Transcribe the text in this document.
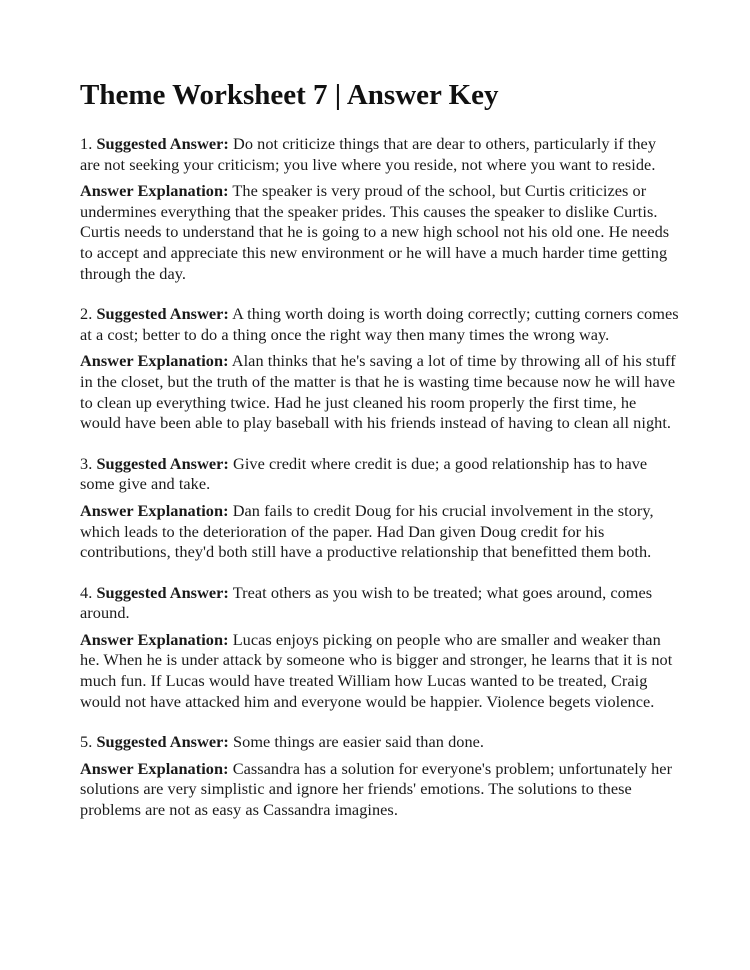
Theme Worksheet 7 | Answer Key

1. Suggested Answer: Do not criticize things that are dear to others, particularly if they are not seeking your criticism; you live where you reside, not where you want to reside.

Answer Explanation: The speaker is very proud of the school, but Curtis criticizes or undermines everything that the speaker prides. This causes the speaker to dislike Curtis. Curtis needs to understand that he is going to a new high school not his old one. He needs to accept and appreciate this new environment or he will have a much harder time getting through the day.

2. Suggested Answer: A thing worth doing is worth doing correctly; cutting corners comes at a cost; better to do a thing once the right way then many times the wrong way.

Answer Explanation: Alan thinks that he's saving a lot of time by throwing all of his stuff in the closet, but the truth of the matter is that he is wasting time because now he will have to clean up everything twice. Had he just cleaned his room properly the first time, he would have been able to play baseball with his friends instead of having to clean all night.

3. Suggested Answer: Give credit where credit is due; a good relationship has to have some give and take.

Answer Explanation: Dan fails to credit Doug for his crucial involvement in the story, which leads to the deterioration of the paper. Had Dan given Doug credit for his contributions, they'd both still have a productive relationship that benefitted them both.

4. Suggested Answer: Treat others as you wish to be treated; what goes around, comes around.

Answer Explanation: Lucas enjoys picking on people who are smaller and weaker than he. When he is under attack by someone who is bigger and stronger, he learns that it is not much fun. If Lucas would have treated William how Lucas wanted to be treated, Craig would not have attacked him and everyone would be happier. Violence begets violence.

5. Suggested Answer: Some things are easier said than done.

Answer Explanation: Cassandra has a solution for everyone's problem; unfortunately her solutions are very simplistic and ignore her friends' emotions. The solutions to these problems are not as easy as Cassandra imagines.
